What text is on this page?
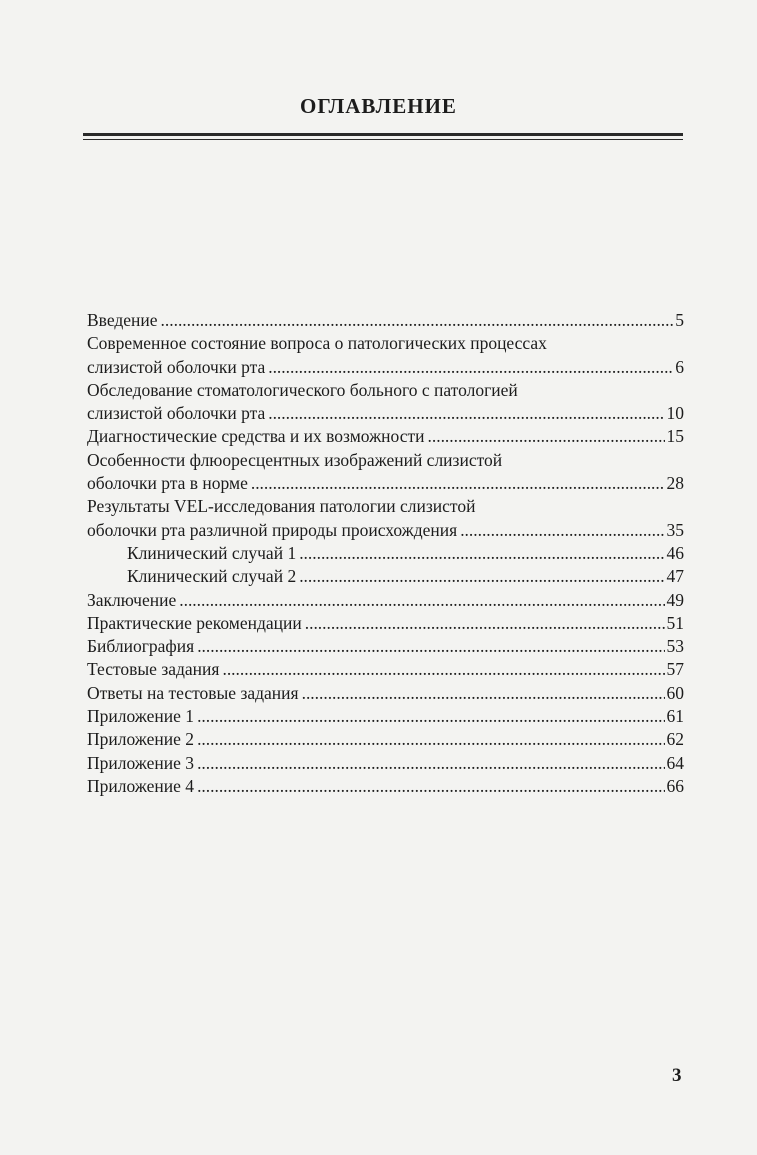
ОГЛАВЛЕНИЕ
Введение . . .	5
Современное состояние вопроса о патологических процессах
слизистой оболочки рта . . .	6
Обследование стоматологического больного с патологией
слизистой оболочки рта . . .	10
Диагностические средства и их возможности . . .	15
Особенности флюоресцентных изображений слизистой
оболочки рта в норме . . .	28
Результаты VEL-исследования патологии слизистой
оболочки рта различной природы происхождения . . .	35
Клинический случай 1 . . .	46
Клинический случай 2 . . .	47
Заключение . . .	49
Практические рекомендации . . .	51
Библиография . . .	53
Тестовые задания . . .	57
Ответы на тестовые задания . . .	60
Приложение 1 . . .	61
Приложение 2 . . .	62
Приложение 3 . . .	64
Приложение 4 . . .	66
3
